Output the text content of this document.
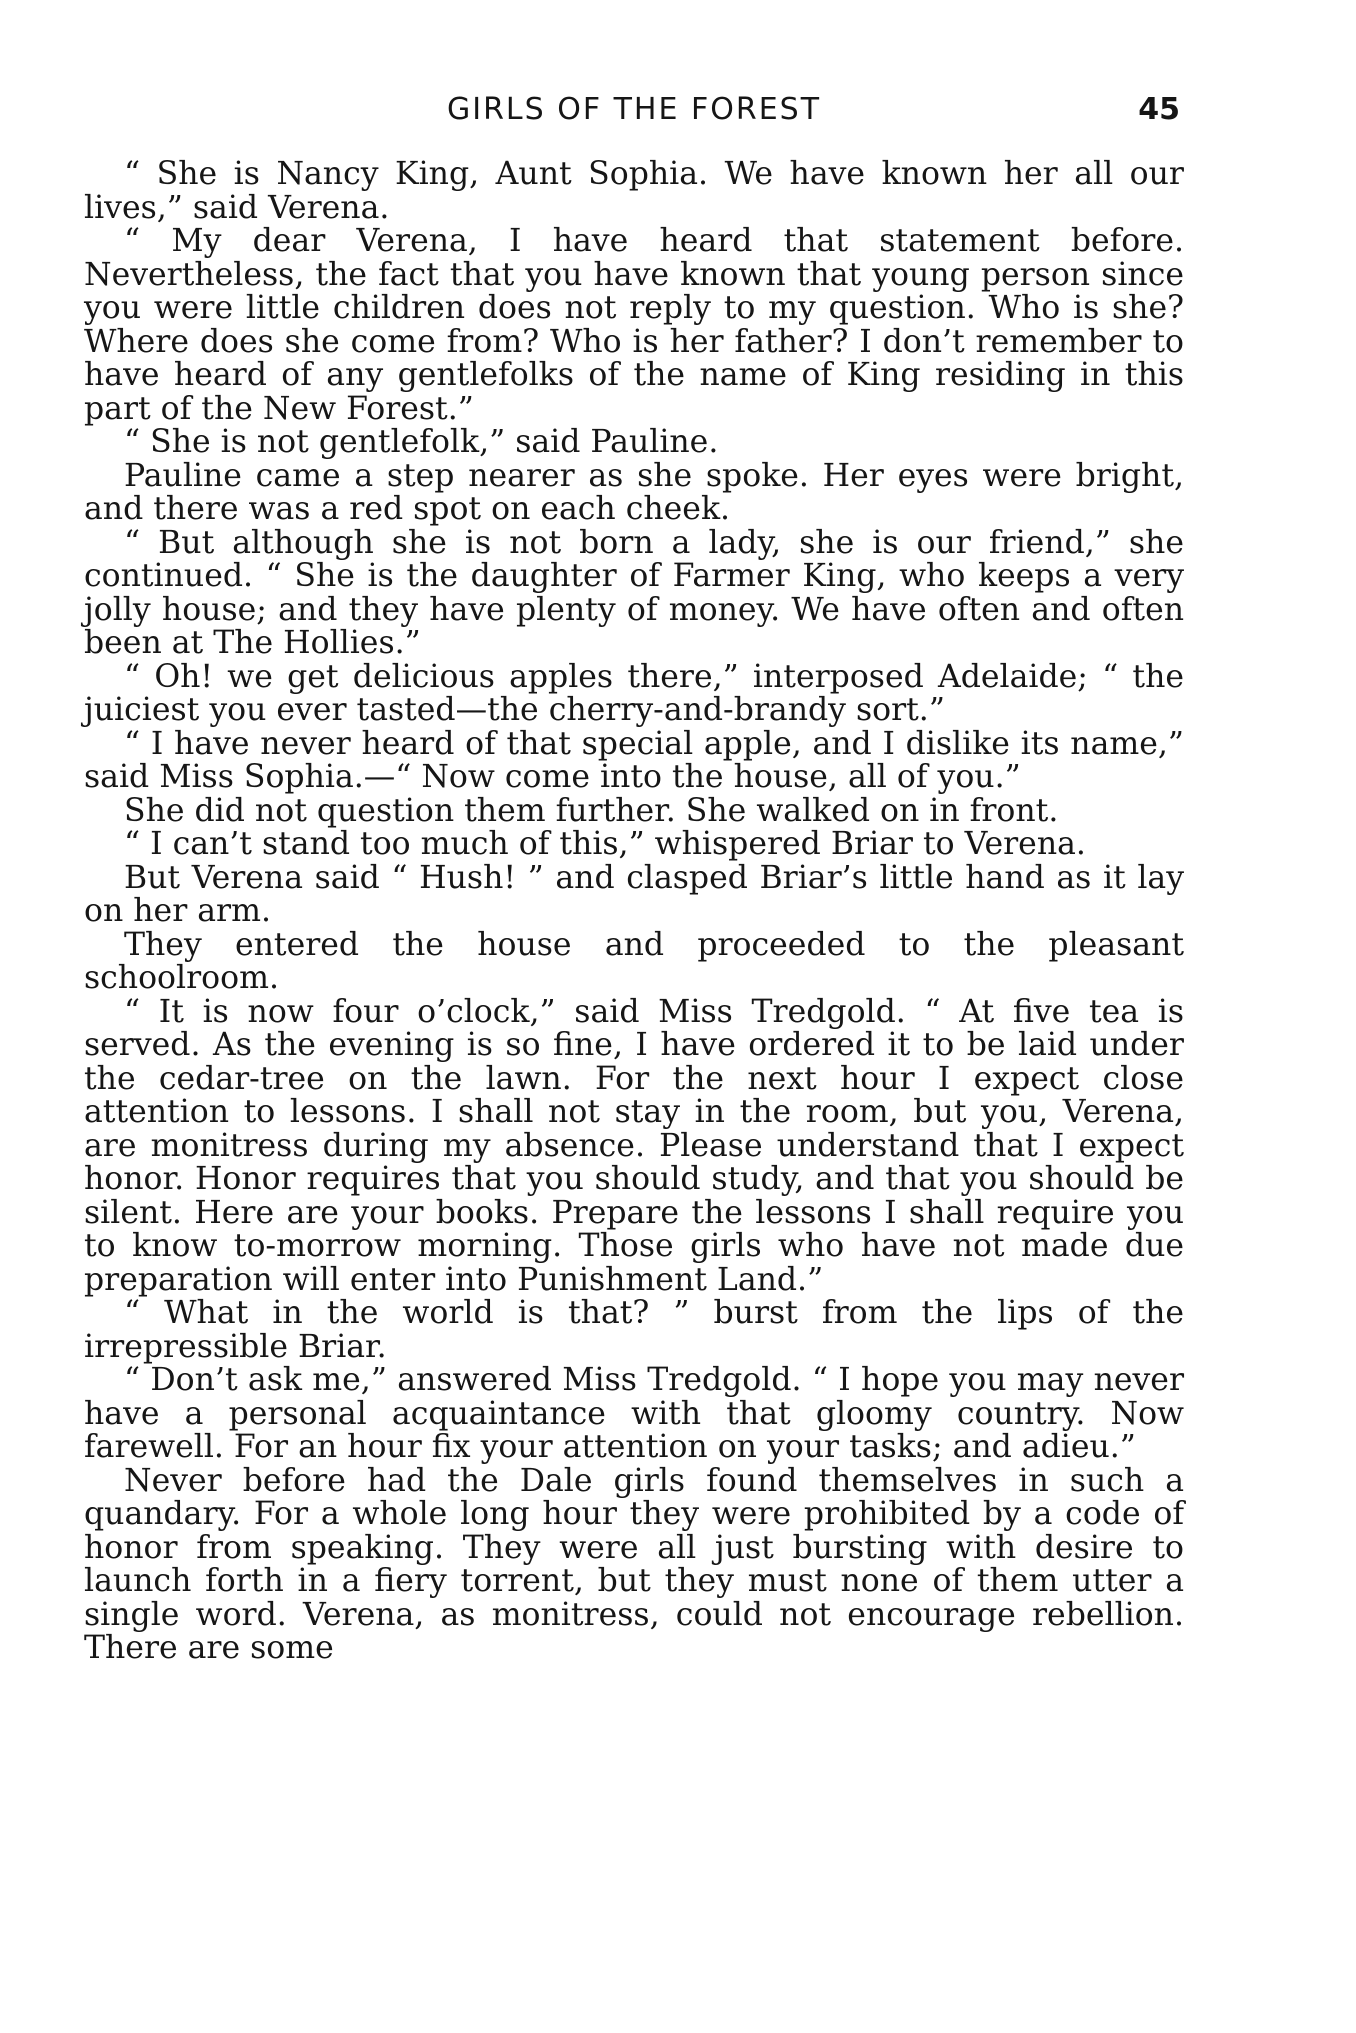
GIRLS OF THE FOREST	45

“ She is Nancy King, Aunt Sophia. We have known her all our lives,” said Verena.

“ My dear Verena, I have heard that statement before. Nevertheless, the fact that you have known that young person since you were little children does not reply to my question. Who is she? Where does she come from? Who is her father? I don’t remember to have heard of any gentlefolks of the name of King residing in this part of the New Forest.”

“ She is not gentlefolk,” said Pauline.

Pauline came a step nearer as she spoke. Her eyes were bright, and there was a red spot on each cheek.

“ But although she is not born a lady, she is our friend,” she continued. “ She is the daughter of Farmer King, who keeps a very jolly house; and they have plenty of money. We have often and often been at The Hollies.”

“ Oh! we get delicious apples there,” interposed Adelaide; “ the juiciest you ever tasted—the cherry-and-brandy sort.”

“ I have never heard of that special apple, and I dislike its name,” said Miss Sophia.—“ Now come into the house, all of you.”

She did not question them further. She walked on in front.

“ I can’t stand too much of this,” whispered Briar to Verena.

But Verena said “ Hush! ” and clasped Briar’s little hand as it lay on her arm.

They entered the house and proceeded to the pleasant schoolroom.

“ It is now four o’clock,” said Miss Tredgold. “ At five tea is served. As the evening is so fine, I have ordered it to be laid under the cedar-tree on the lawn. For the next hour I expect close attention to lessons. I shall not stay in the room, but you, Verena, are monitress during my absence. Please understand that I expect honor. Honor requires that you should study, and that you should be silent. Here are your books. Prepare the lessons I shall require you to know to-morrow morning. Those girls who have not made due preparation will enter into Punishment Land.”

“ What in the world is that? ” burst from the lips of the irrepressible Briar.

“ Don’t ask me,” answered Miss Tredgold. “ I hope you may never have a personal acquaintance with that gloomy country. Now farewell. For an hour fix your attention on your tasks; and adieu.”

Never before had the Dale girls found themselves in such a quandary. For a whole long hour they were prohibited by a code of honor from speaking. They were all just bursting with desire to launch forth in a fiery torrent, but they must none of them utter a single word. Verena, as monitress, could not encourage rebellion. There are some
